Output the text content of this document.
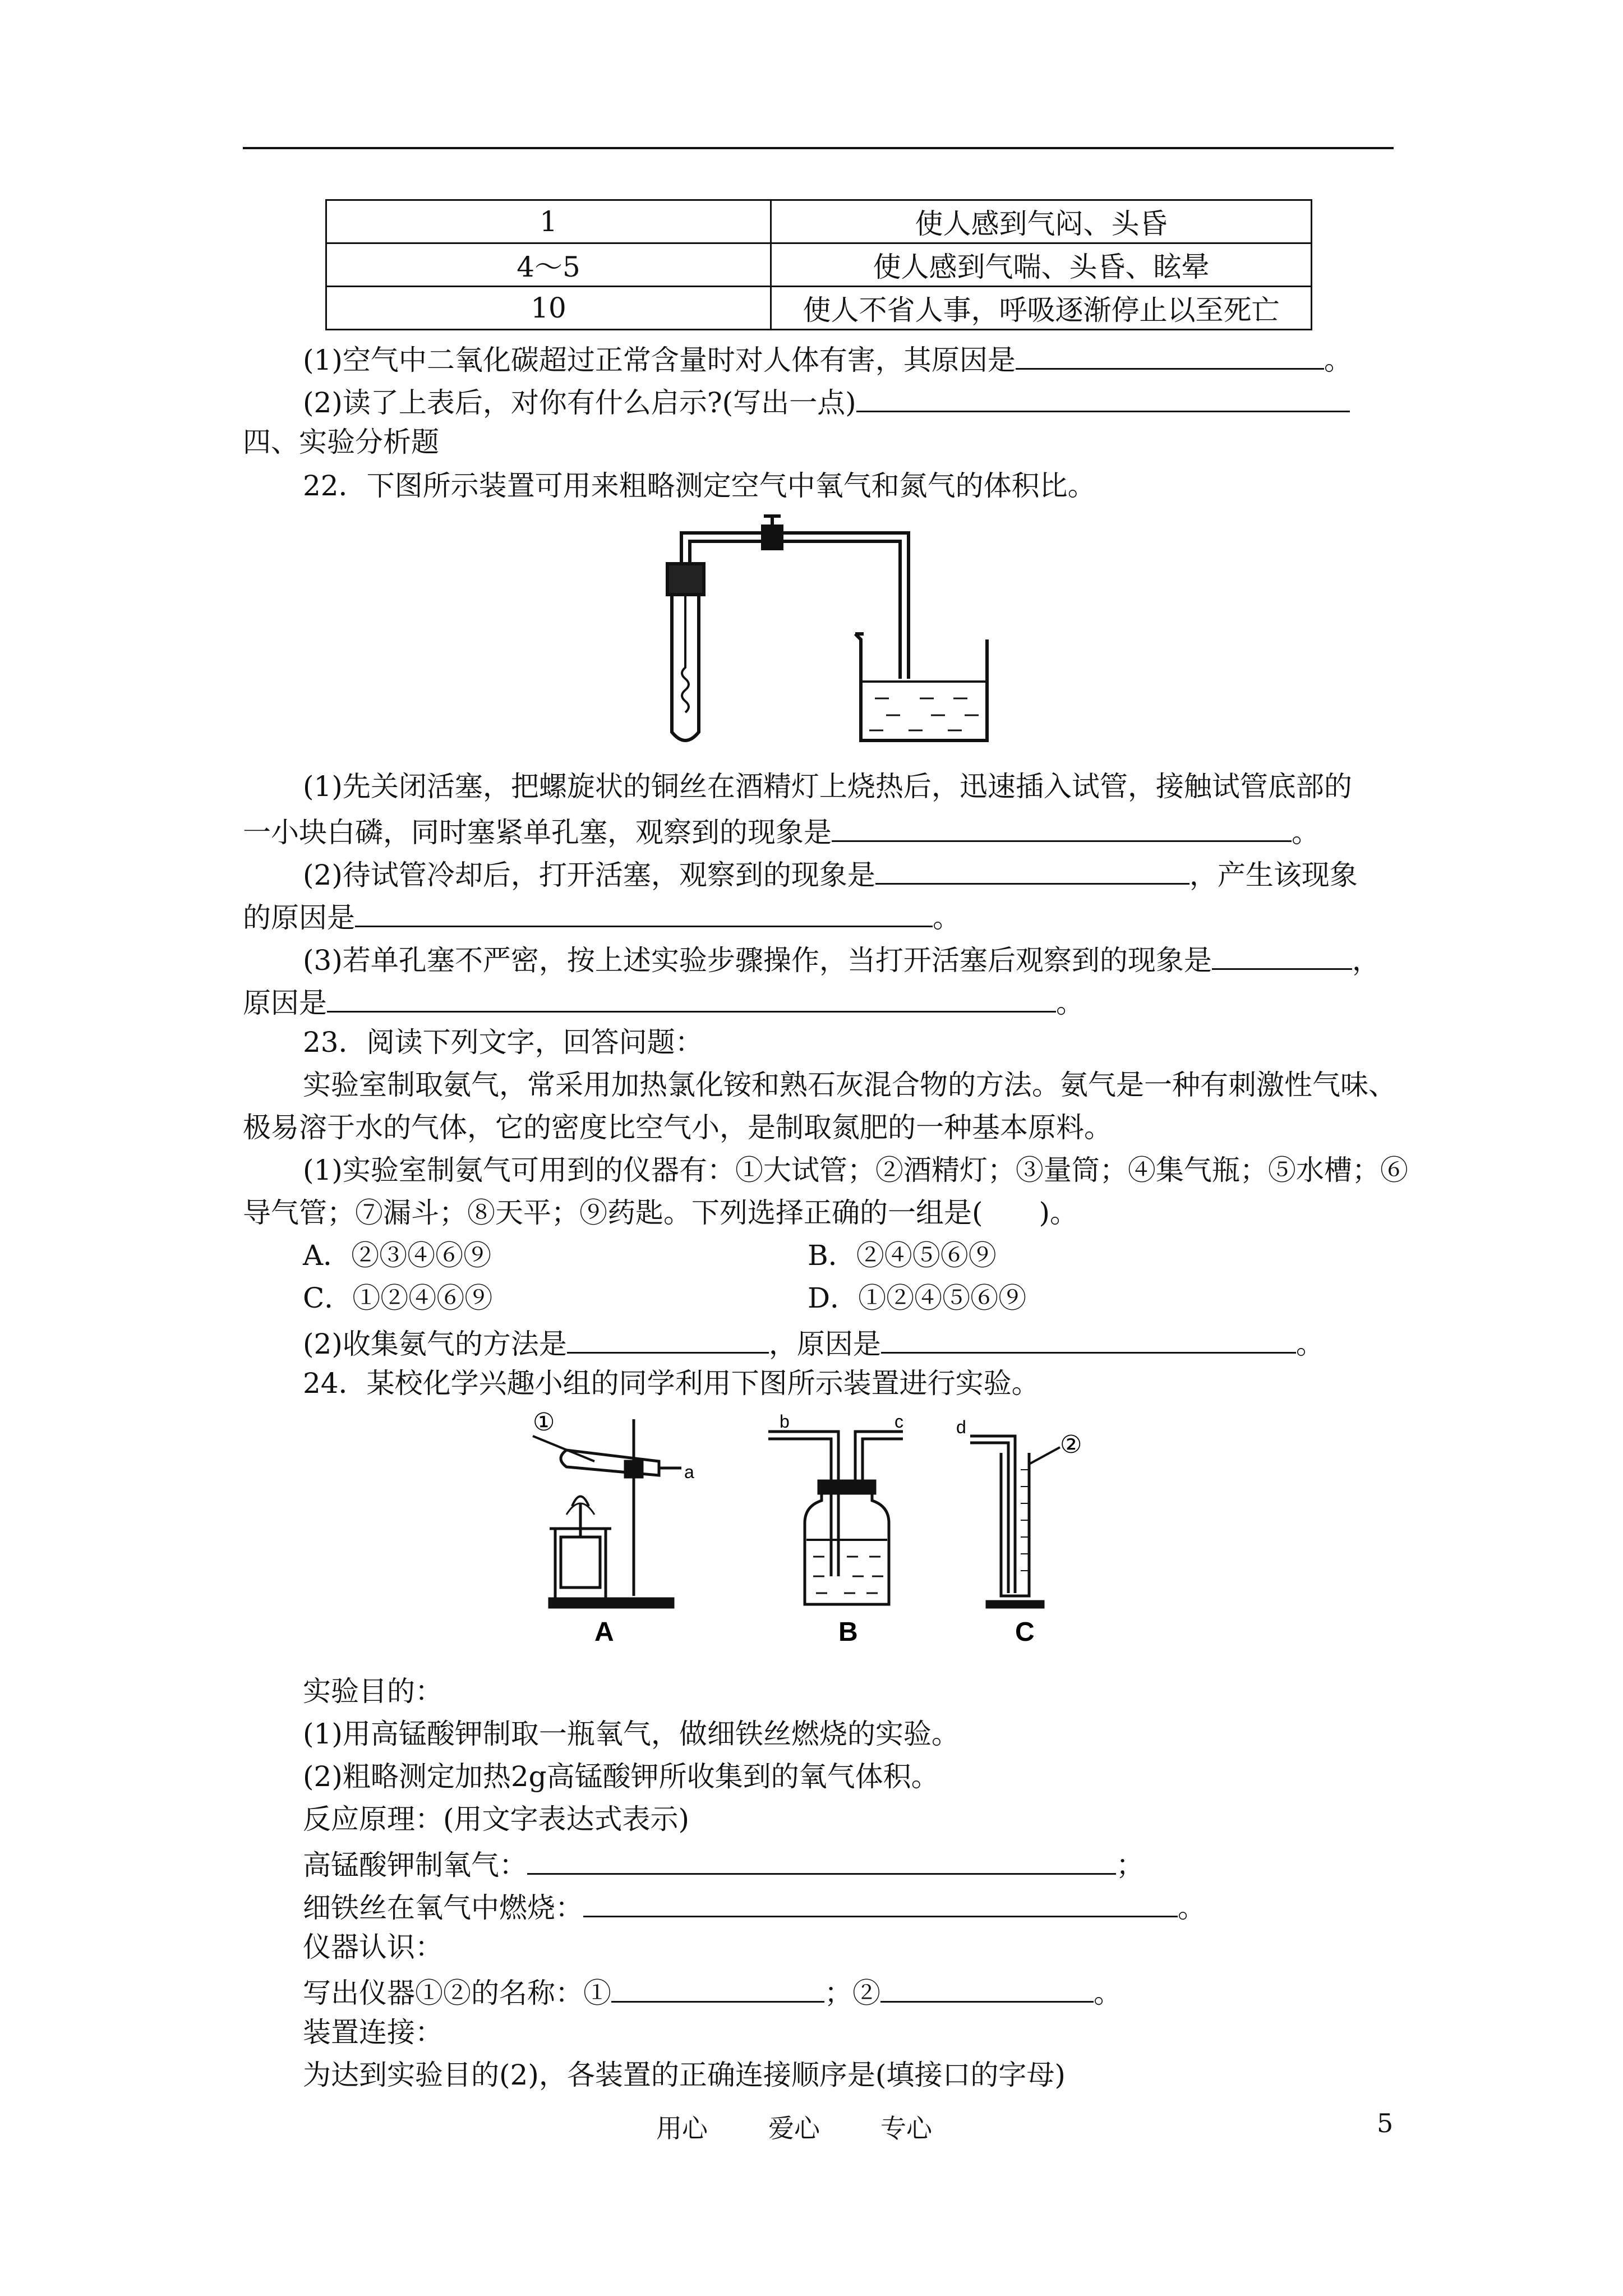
1	使人感到气闷、头昏
4～5	使人感到气喘、头昏、眩晕
10	使人不省人事，呼吸逐渐停止以至死亡
(1)空气中二氧化碳超过正常含量时对人体有害，其原因是	。
(2)读了上表后，对你有什么启示?(写出一点)
四、实验分析题
22．下图所示装置可用来粗略测定空气中氧气和氮气的体积比。
(1)先关闭活塞，把螺旋状的铜丝在酒精灯上烧热后，迅速插入试管，接触试管底部的
一小块白磷，同时塞紧单孔塞，观察到的现象是	。
(2)待试管冷却后，打开活塞，观察到的现象是	，产生该现象
的原因是	。
(3)若单孔塞不严密，按上述实验步骤操作，当打开活塞后观察到的现象是	，
原因是	。
23．阅读下列文字，回答问题：
实验室制取氨气，常采用加热氯化铵和熟石灰混合物的方法。氨气是一种有刺激性气味、
极易溶于水的气体，它的密度比空气小，是制取氮肥的一种基本原料。
(1)实验室制氨气可用到的仪器有：①大试管；②酒精灯；③量筒；④集气瓶；⑤水槽；⑥
导气管；⑦漏斗；⑧天平；⑨药匙。下列选择正确的一组是(　　)。
A．②③④⑥⑨	B．②④⑤⑥⑨
C．①②④⑥⑨	D．①②④⑤⑥⑨
(2)收集氨气的方法是	，原因是	。
24．某校化学兴趣小组的同学利用下图所示装置进行实验。
①
a
A
b	c
B
d
②
C
实验目的：
(1)用高锰酸钾制取一瓶氧气，做细铁丝燃烧的实验。
(2)粗略测定加热2g高锰酸钾所收集到的氧气体积。
反应原理：(用文字表达式表示)
高锰酸钾制氧气：	；
细铁丝在氧气中燃烧：	。
仪器认识：
写出仪器①②的名称：①	；②	。
装置连接：
为达到实验目的(2)，各装置的正确连接顺序是(填接口的字母)
用心 爱心 专心	5
